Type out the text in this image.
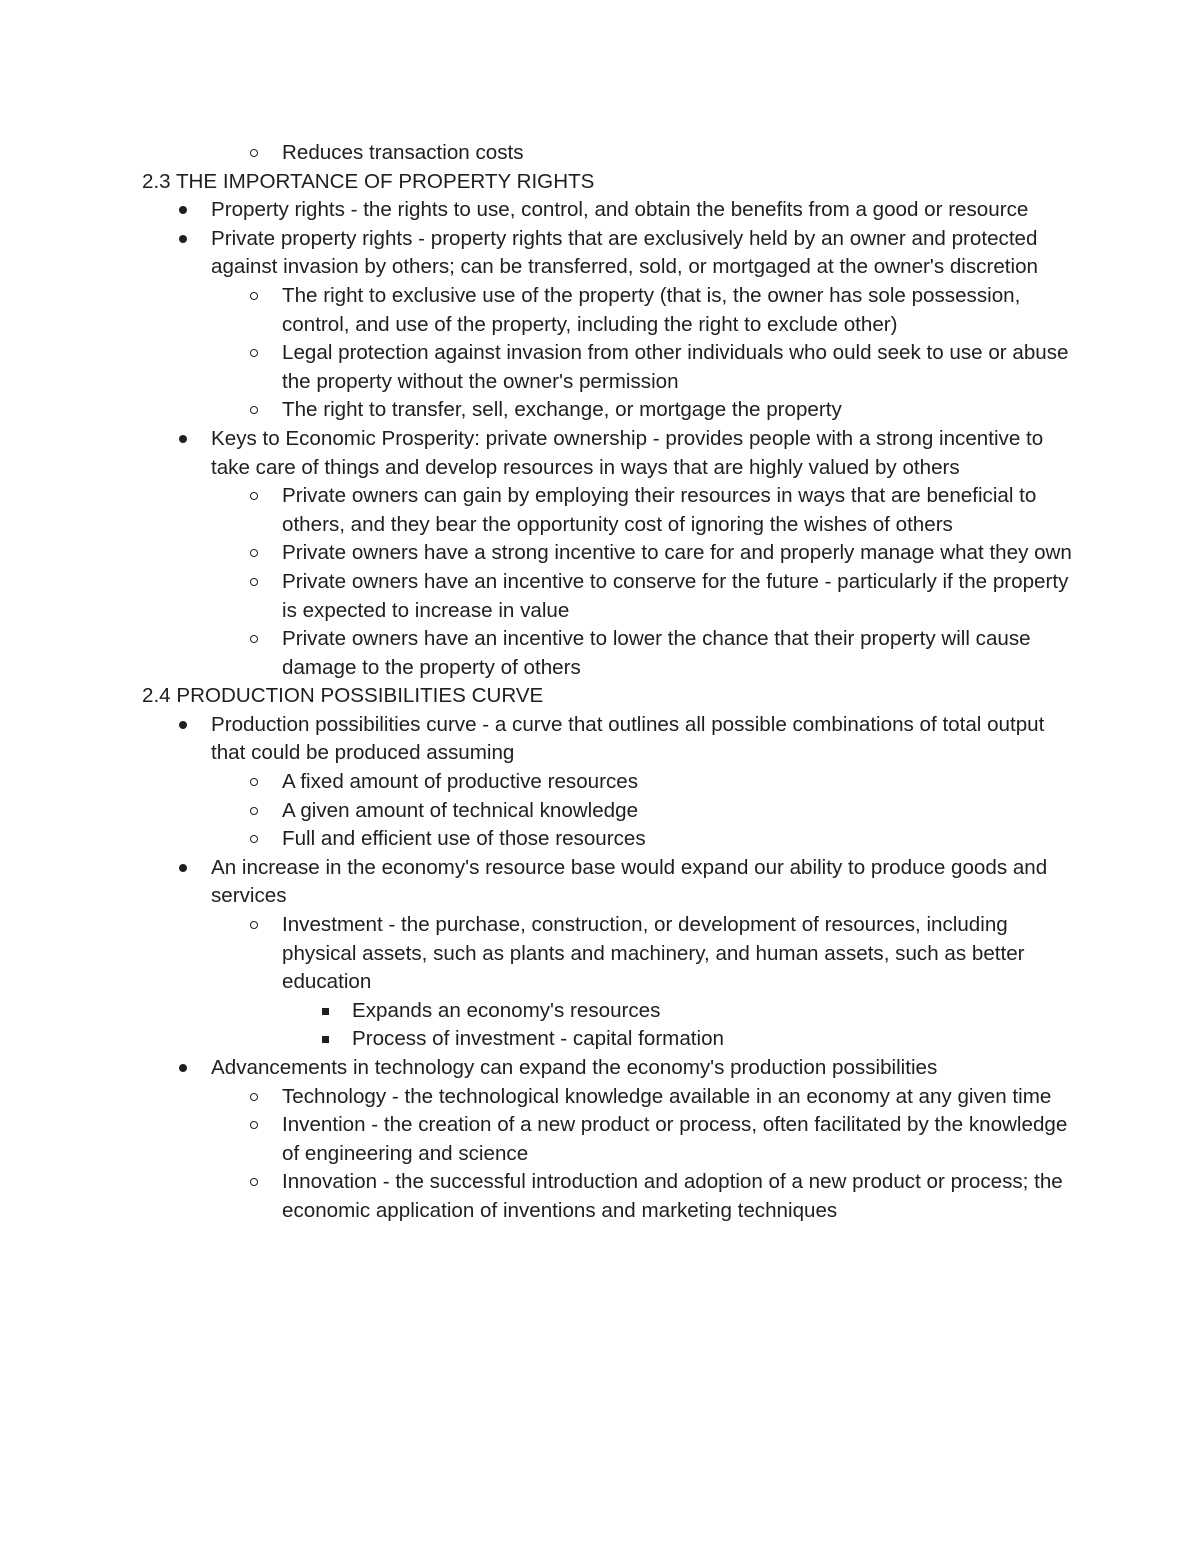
Reduces transaction costs
2.3 THE IMPORTANCE OF PROPERTY RIGHTS
Property rights - the rights to use, control, and obtain the benefits from a good or resource
Private property rights - property rights that are exclusively held by an owner and protected against invasion by others; can be transferred, sold, or mortgaged at the owner's discretion
The right to exclusive use of the property (that is, the owner has sole possession, control, and use of the property, including the right to exclude other)
Legal protection against invasion from other individuals who ould seek to use or abuse the property without the owner's permission
The right to transfer, sell, exchange, or mortgage the property
Keys to Economic Prosperity: private ownership - provides people with a strong incentive to take care of things and develop resources in ways that are highly valued by others
Private owners can gain by employing their resources in ways that are beneficial to others, and they bear the opportunity cost of ignoring the wishes of others
Private owners have a strong incentive to care for and properly manage what they own
Private owners have an incentive to conserve for the future - particularly if the property is expected to increase in value
Private owners have an incentive to lower the chance that their property will cause damage to the property of others
2.4 PRODUCTION POSSIBILITIES CURVE
Production possibilities curve - a curve that outlines all possible combinations of total output that could be produced assuming
A fixed amount of productive resources
A given amount of technical knowledge
Full and efficient use of those resources
An increase in the economy's resource base would expand our ability to produce goods and services
Investment - the purchase, construction, or development of resources, including physical assets, such as plants and machinery, and human assets, such as better education
Expands an economy's resources
Process of investment - capital formation
Advancements in technology can expand the economy's production possibilities
Technology - the technological knowledge available in an economy at any given time
Invention - the creation of a new product or process, often facilitated by the knowledge of engineering and science
Innovation - the successful introduction and adoption of a new product or process; the economic application of inventions and marketing techniques
